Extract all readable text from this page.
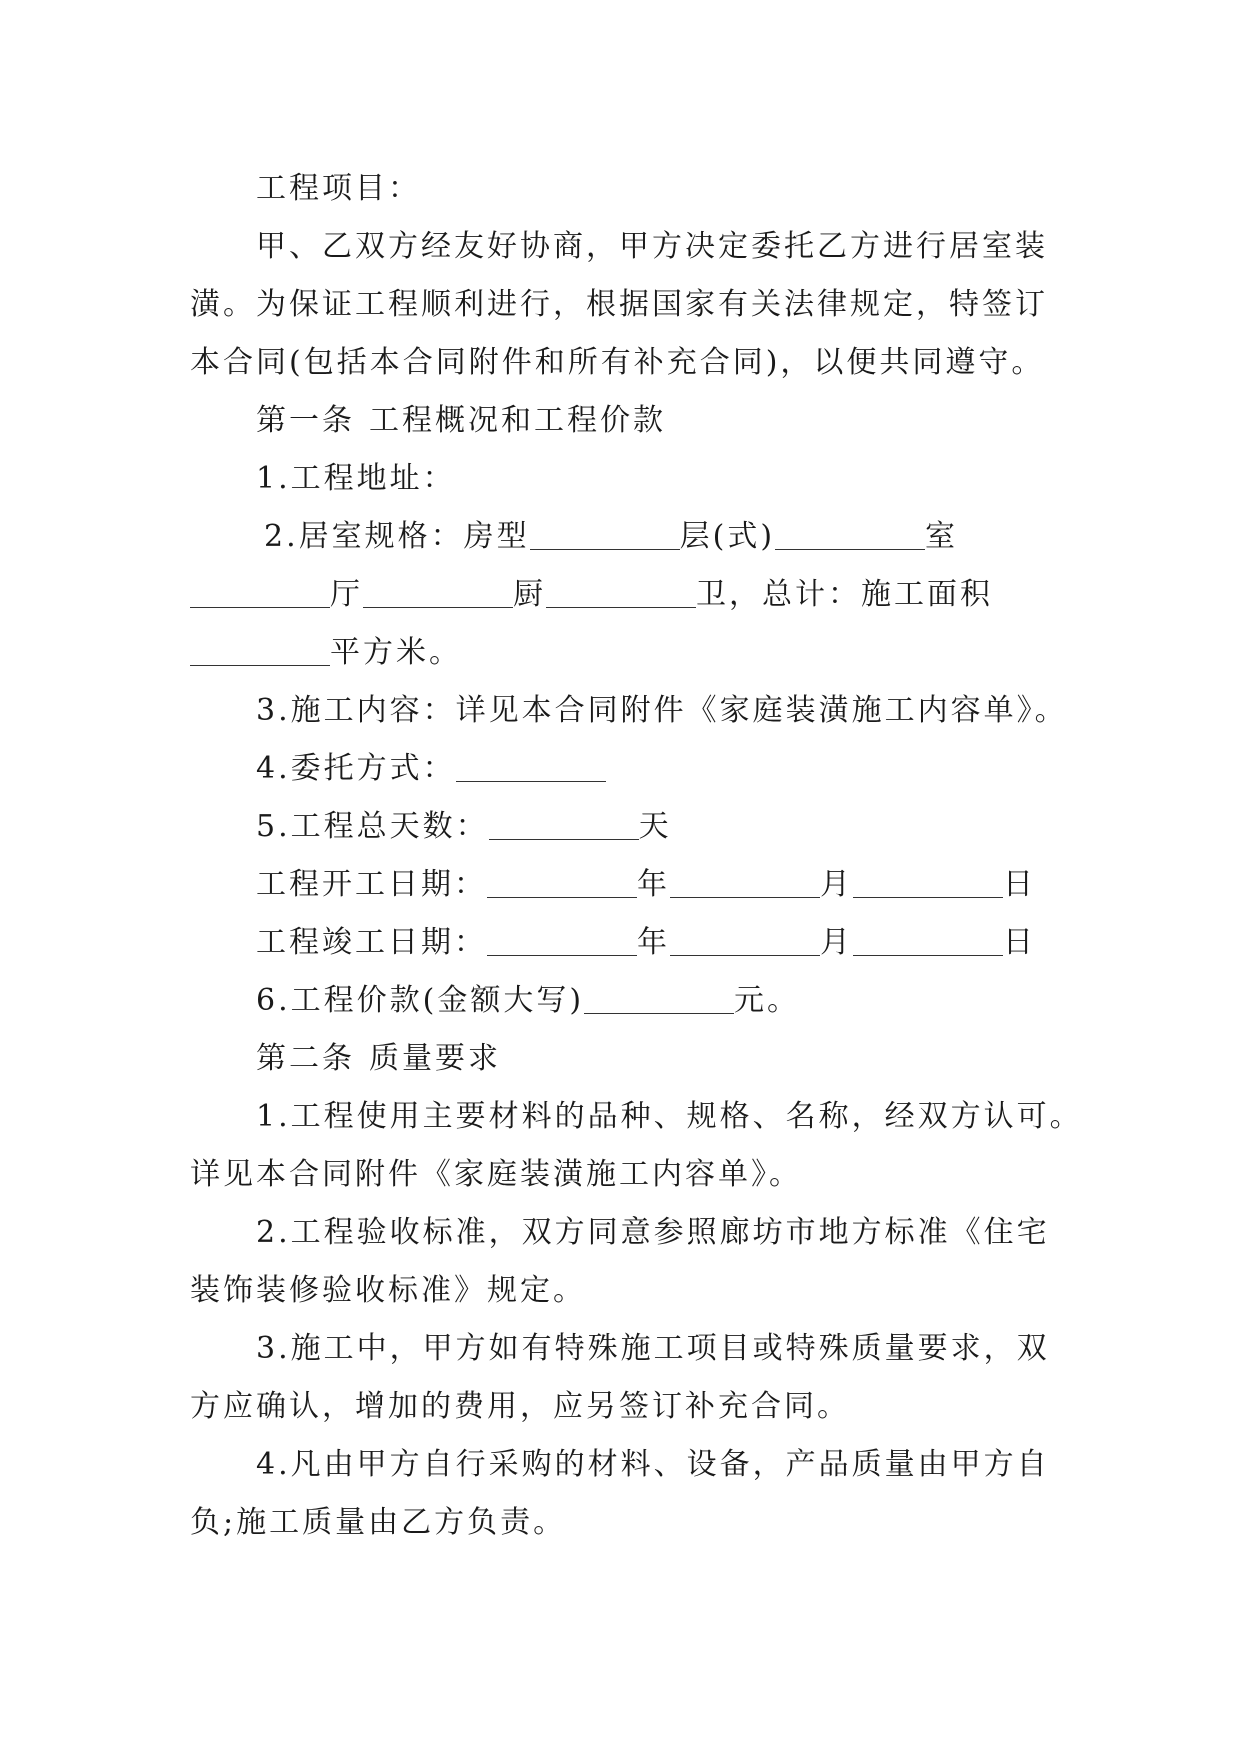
工程项目：
甲、乙双方经友好协商，甲方决定委托乙方进行居室装
潢。为保证工程顺利进行，根据国家有关法律规定，特签订
本合同(包括本合同附件和所有补充合同)，以便共同遵守。
第一条 工程概况和工程价款
1.工程地址：
2.居室规格：房型	层(式)	室
厅	厨	卫，总计：施工面积
平方米。
3.施工内容：详见本合同附件《家庭装潢施工内容单》。
4.委托方式：
5.工程总天数：	天
工程开工日期：	年	月	日
工程竣工日期：	年	月	日
6.工程价款(金额大写)	元。
第二条 质量要求
1.工程使用主要材料的品种、规格、名称，经双方认可。
详见本合同附件《家庭装潢施工内容单》。
2.工程验收标准，双方同意参照廊坊市地方标准《住宅
装饰装修验收标准》规定。
3.施工中，甲方如有特殊施工项目或特殊质量要求，双
方应确认，增加的费用，应另签订补充合同。
4.凡由甲方自行采购的材料、设备，产品质量由甲方自
负;施工质量由乙方负责。
